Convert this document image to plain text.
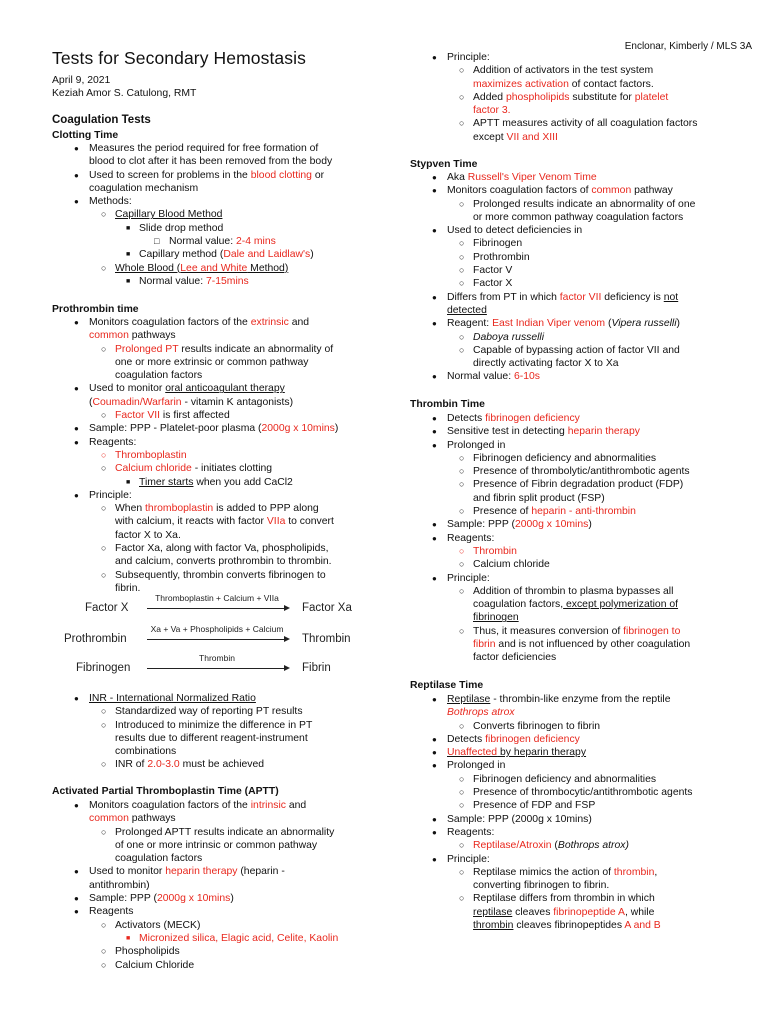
Enclonar, Kimberly / MLS 3A
Tests for Secondary Hemostasis
April 9, 2021
Keziah Amor S. Catulong, RMT
Coagulation Tests
Clotting Time
●
Measures the period required for free formation of
blood to clot after it has been removed from the body
●
Used to screen for problems in the blood clotting or
coagulation mechanism
●
Methods:
○
Capillary Blood Method
■
Slide drop method
□
Normal value: 2-4 mins
■
Capillary method (Dale and Laidlaw's)
○
Whole Blood (Lee and White Method)
■
Normal value: 7-15mins
Prothrombin time
●
Monitors coagulation factors of the extrinsic and
common pathways
○
Prolonged PT results indicate an abnormality of
one or more extrinsic or common pathway
coagulation factors
●
Used to monitor oral anticoagulant therapy
(Coumadin/Warfarin - vitamin K antagonists)
○
Factor VII is first affected
●
Sample: PPP - Platelet-poor plasma (2000g x 10mins)
●
Reagents:
○
Thromboplastin
○
Calcium chloride - initiates clotting
■
Timer starts when you add CaCl2
●
Principle:
○
When thromboplastin is added to PPP along
with calcium, it reacts with factor VIIa to convert
factor X to Xa.
○
Factor Xa, along with factor Va, phospholipids,
and calcium, converts prothrombin to thrombin.
○
Subsequently, thrombin converts fibrinogen to
fibrin.
Factor X
Thromboplastin + Calcium + VIIa
Factor Xa
Prothrombin
Xa + Va + Phospholipids + Calcium
Thrombin
Fibrinogen
Thrombin
Fibrin
●
INR - International Normalized Ratio
○
Standardized way of reporting PT results
○
Introduced to minimize the difference in PT
results due to different reagent-instrument
combinations
○
INR of 2.0-3.0 must be achieved
Activated Partial Thromboplastin Time (APTT)
●
Monitors coagulation factors of the intrinsic and
common pathways
○
Prolonged APTT results indicate an abnormality
of one or more intrinsic or common pathway
coagulation factors
●
Used to monitor heparin therapy (heparin -
antithrombin)
●
Sample: PPP (2000g x 10mins)
●
Reagents
○
Activators (MECK)
■
Micronized silica, Elagic acid, Celite, Kaolin
○
Phospholipids
○
Calcium Chloride
●
Principle:
○
Addition of activators in the test system
maximizes activation of contact factors.
○
Added phospholipids substitute for platelet
factor 3.
○
APTT measures activity of all coagulation factors
except VII and XIII
Stypven Time
●
Aka Russell's Viper Venom Time
●
Monitors coagulation factors of common pathway
○
Prolonged results indicate an abnormality of one
or more common pathway coagulation factors
●
Used to detect deficiencies in
○
Fibrinogen
○
Prothrombin
○
Factor V
○
Factor X
●
Differs from PT in which factor VII deficiency is not
detected
●
Reagent: East Indian Viper venom (Vipera russelli)
○
Daboya russelli
○
Capable of bypassing action of factor VII and
directly activating factor X to Xa
●
Normal value: 6-10s
Thrombin Time
●
Detects fibrinogen deficiency
●
Sensitive test in detecting heparin therapy
●
Prolonged in
○
Fibrinogen deficiency and abnormalities
○
Presence of thrombolytic/antithrombotic agents
○
Presence of Fibrin degradation product (FDP)
and fibrin split product (FSP)
○
Presence of heparin - anti-thrombin
●
Sample: PPP (2000g x 10mins)
●
Reagents:
○
Thrombin
○
Calcium chloride
●
Principle:
○
Addition of thrombin to plasma bypasses all
coagulation factors, except polymerization of
fibrinogen
○
Thus, it measures conversion of fibrinogen to
fibrin and is not influenced by other coagulation
factor deficiencies
Reptilase Time
●
Reptilase - thrombin-like enzyme from the reptile
Bothrops atrox
○
Converts fibrinogen to fibrin
●
Detects fibrinogen deficiency
●
Unaffected by heparin therapy
●
Prolonged in
○
Fibrinogen deficiency and abnormalities
○
Presence of thrombocytic/antithrombotic agents
○
Presence of FDP and FSP
●
Sample: PPP (2000g x 10mins)
●
Reagents:
○
Reptilase/Atroxin (Bothrops atrox)
●
Principle:
○
Reptilase mimics the action of thrombin,
converting fibrinogen to fibrin.
○
Reptilase differs from thrombin in which
reptilase cleaves fibrinopeptide A, while
thrombin cleaves fibrinopeptides A and B
